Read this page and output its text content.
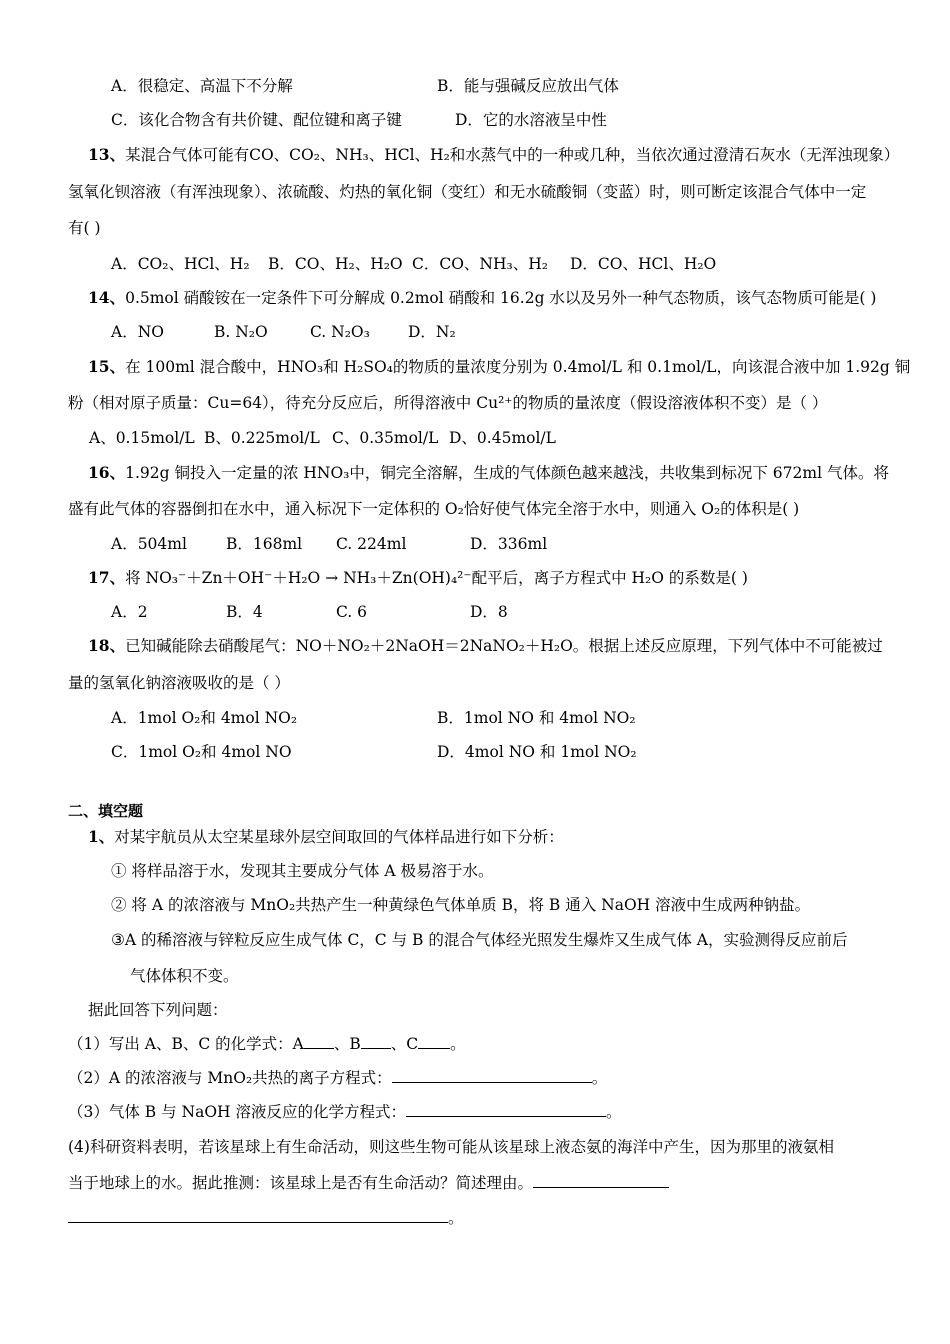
A．很稳定、高温下不分解	B．能与强碱反应放出气体
C．该化合物含有共价键、配位键和离子键	D．它的水溶液呈中性
13、某混合气体可能有CO、CO₂、NH₃、HCl、H₂和水蒸气中的一种或几种，当依次通过澄清石灰水（无浑浊现象）
氢氧化钡溶液（有浑浊现象）、浓硫酸、灼热的氧化铜（变红）和无水硫酸铜（变蓝）时，则可断定该混合气体中一定
有( )
A．CO₂、HCl、H₂ B．CO、H₂、H₂O C．CO、NH₃、H₂ D．CO、HCl、H₂O
14、0.5mol 硝酸铵在一定条件下可分解成 0.2mol 硝酸和 16.2g 水以及另外一种气态物质，该气态物质可能是( )
A．NO	B. N₂O	C. N₂O₃ D．N₂
15、在 100ml 混合酸中，HNO₃和 H₂SO₄的物质的量浓度分别为 0.4mol/L 和 0.1mol/L，向该混合液中加 1.92g 铜
粉（相对原子质量：Cu=64），待充分反应后，所得溶液中 Cu²⁺的物质的量浓度（假设溶液体积不变）是（ ）
A、0.15mol/L B、0.225mol/L C、0.35mol/L D、0.45mol/L
16、1.92g 铜投入一定量的浓 HNO₃中，铜完全溶解，生成的气体颜色越来越浅，共收集到标况下 672ml 气体。将
盛有此气体的容器倒扣在水中，通入标况下一定体积的 O₂恰好使气体完全溶于水中，则通入 O₂的体积是( )
A．504ml	B．168ml C. 224ml	D．336ml
17、将 NO₃⁻＋Zn＋OH⁻＋H₂O → NH₃＋Zn(OH)₄²⁻配平后，离子方程式中 H₂O 的系数是( )
A．2	B．4	C. 6	D．8
18、已知碱能除去硝酸尾气：NO＋NO₂＋2NaOH＝2NaNO₂＋H₂O。根据上述反应原理，下列气体中不可能被过
量的氢氧化钠溶液吸收的是（ ）
A．1mol O₂和 4mol NO₂	B．1mol NO 和 4mol NO₂
C．1mol O₂和 4mol NO	D．4mol NO 和 1mol NO₂
二、填空题
1、对某宇航员从太空某星球外层空间取回的气体样品进行如下分析：
① 将样品溶于水，发现其主要成分气体 A 极易溶于水。
② 将 A 的浓溶液与 MnO₂共热产生一种黄绿色气体单质 B，将 B 通入 NaOH 溶液中生成两种钠盐。
③A 的稀溶液与锌粒反应生成气体 C，C 与 B 的混合气体经光照发生爆炸又生成气体 A，实验测得反应前后
气体体积不变。
据此回答下列问题：
（1）写出 A、B、C 的化学式：A 、B 、C 。
（2）A 的浓溶液与 MnO₂共热的离子方程式：	。
（3）气体 B 与 NaOH 溶液反应的化学方程式：	。
(4)科研资料表明，若该星球上有生命活动，则这些生物可能从该星球上液态氨的海洋中产生，因为那里的液氨相
当于地球上的水。据此推测：该星球上是否有生命活动？简述理由。
。
